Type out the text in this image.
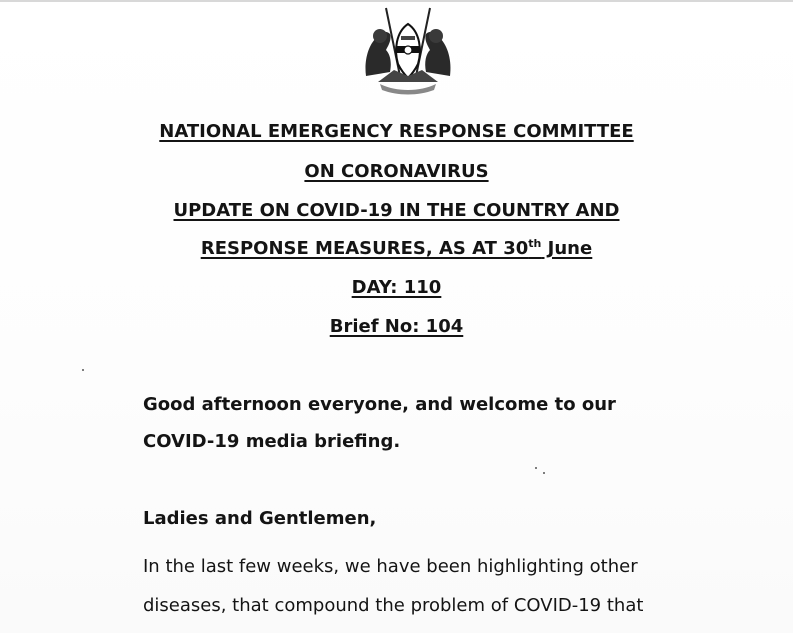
NATIONAL EMERGENCY RESPONSE COMMITTEE
ON CORONAVIRUS
UPDATE ON COVID-19 IN THE COUNTRY AND
RESPONSE MEASURES, AS AT 30th June
DAY: 110
Brief No: 104
Good afternoon everyone, and welcome to our
COVID-19 media briefing.
Ladies and Gentlemen,
In the last few weeks, we have been highlighting other
diseases, that compound the problem of COVID-19 that
